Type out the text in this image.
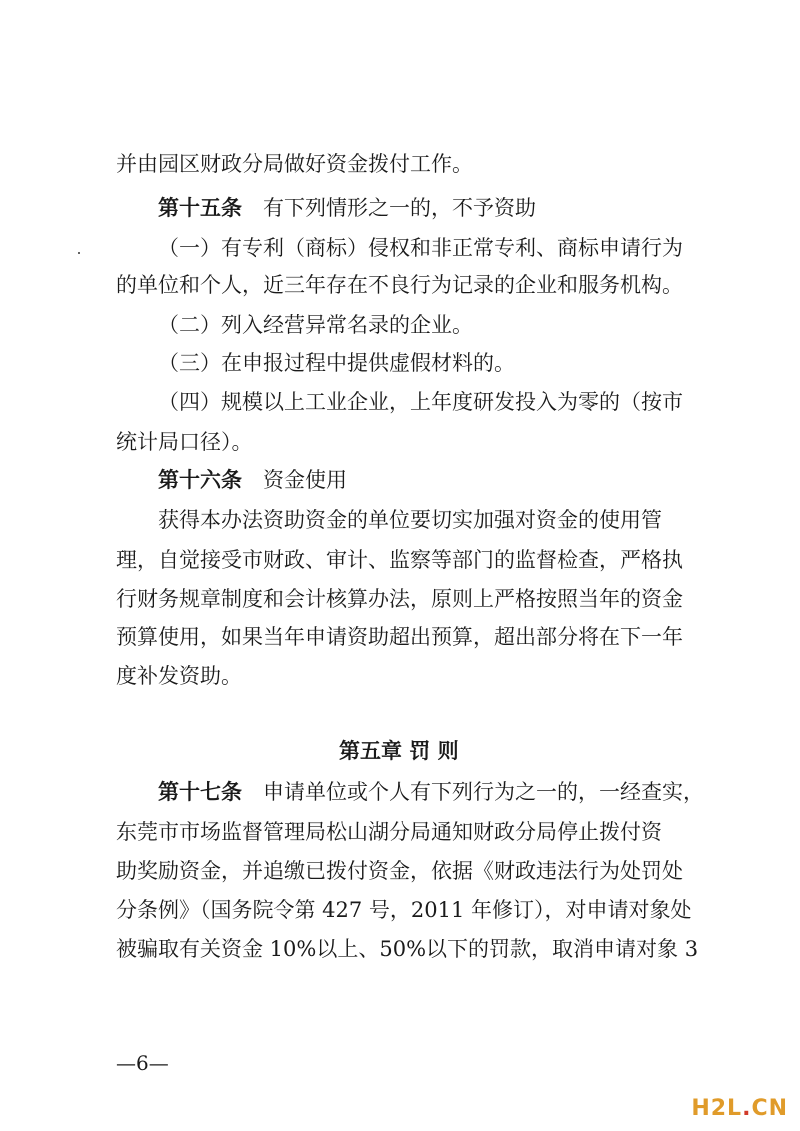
并由园区财政分局做好资金拨付工作。
第十五条　有下列情形之一的，不予资助
（一）有专利（商标）侵权和非正常专利、商标申请行为
的单位和个人，近三年存在不良行为记录的企业和服务机构。
（二）列入经营异常名录的企业。
（三）在申报过程中提供虚假材料的。
（四）规模以上工业企业，上年度研发投入为零的（按市
统计局口径）。
第十六条　资金使用
获得本办法资助资金的单位要切实加强对资金的使用管
理，自觉接受市财政、审计、监察等部门的监督检查，严格执
行财务规章制度和会计核算办法，原则上严格按照当年的资金
预算使用，如果当年申请资助超出预算，超出部分将在下一年
度补发资助。
第五章 罚 则
第十七条　申请单位或个人有下列行为之一的，一经查实，
东莞市市场监督管理局松山湖分局通知财政分局停止拨付资
助奖励资金，并追缴已拨付资金，依据《财政违法行为处罚处
分条例》（国务院令第 427 号，2011 年修订），对申请对象处
被骗取有关资金 10%以上、50%以下的罚款，取消申请对象 3
—6—
H2L.CN
